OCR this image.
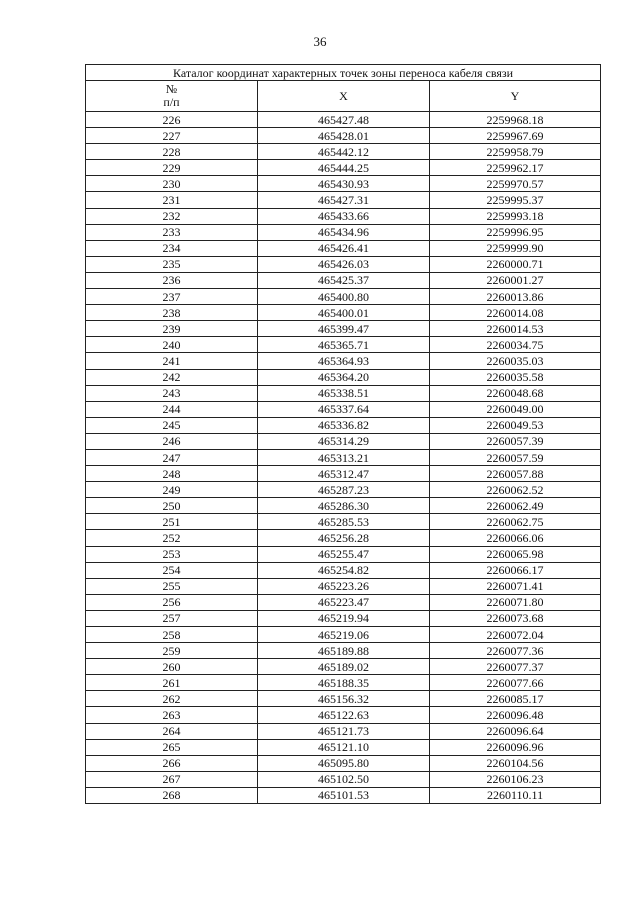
36
Каталог координат характерных точек зоны переноса кабеля связи		

№
п/п	X	Y
226	465427.48	2259968.18
227	465428.01	2259967.69
228	465442.12	2259958.79
229	465444.25	2259962.17
230	465430.93	2259970.57
231	465427.31	2259995.37
232	465433.66	2259993.18
233	465434.96	2259996.95
234	465426.41	2259999.90
235	465426.03	2260000.71
236	465425.37	2260001.27
237	465400.80	2260013.86
238	465400.01	2260014.08
239	465399.47	2260014.53
240	465365.71	2260034.75
241	465364.93	2260035.03
242	465364.20	2260035.58
243	465338.51	2260048.68
244	465337.64	2260049.00
245	465336.82	2260049.53
246	465314.29	2260057.39
247	465313.21	2260057.59
248	465312.47	2260057.88
249	465287.23	2260062.52
250	465286.30	2260062.49
251	465285.53	2260062.75
252	465256.28	2260066.06
253	465255.47	2260065.98
254	465254.82	2260066.17
255	465223.26	2260071.41
256	465223.47	2260071.80
257	465219.94	2260073.68
258	465219.06	2260072.04
259	465189.88	2260077.36
260	465189.02	2260077.37
261	465188.35	2260077.66
262	465156.32	2260085.17
263	465122.63	2260096.48
264	465121.73	2260096.64
265	465121.10	2260096.96
266	465095.80	2260104.56
267	465102.50	2260106.23
268	465101.53	2260110.11
